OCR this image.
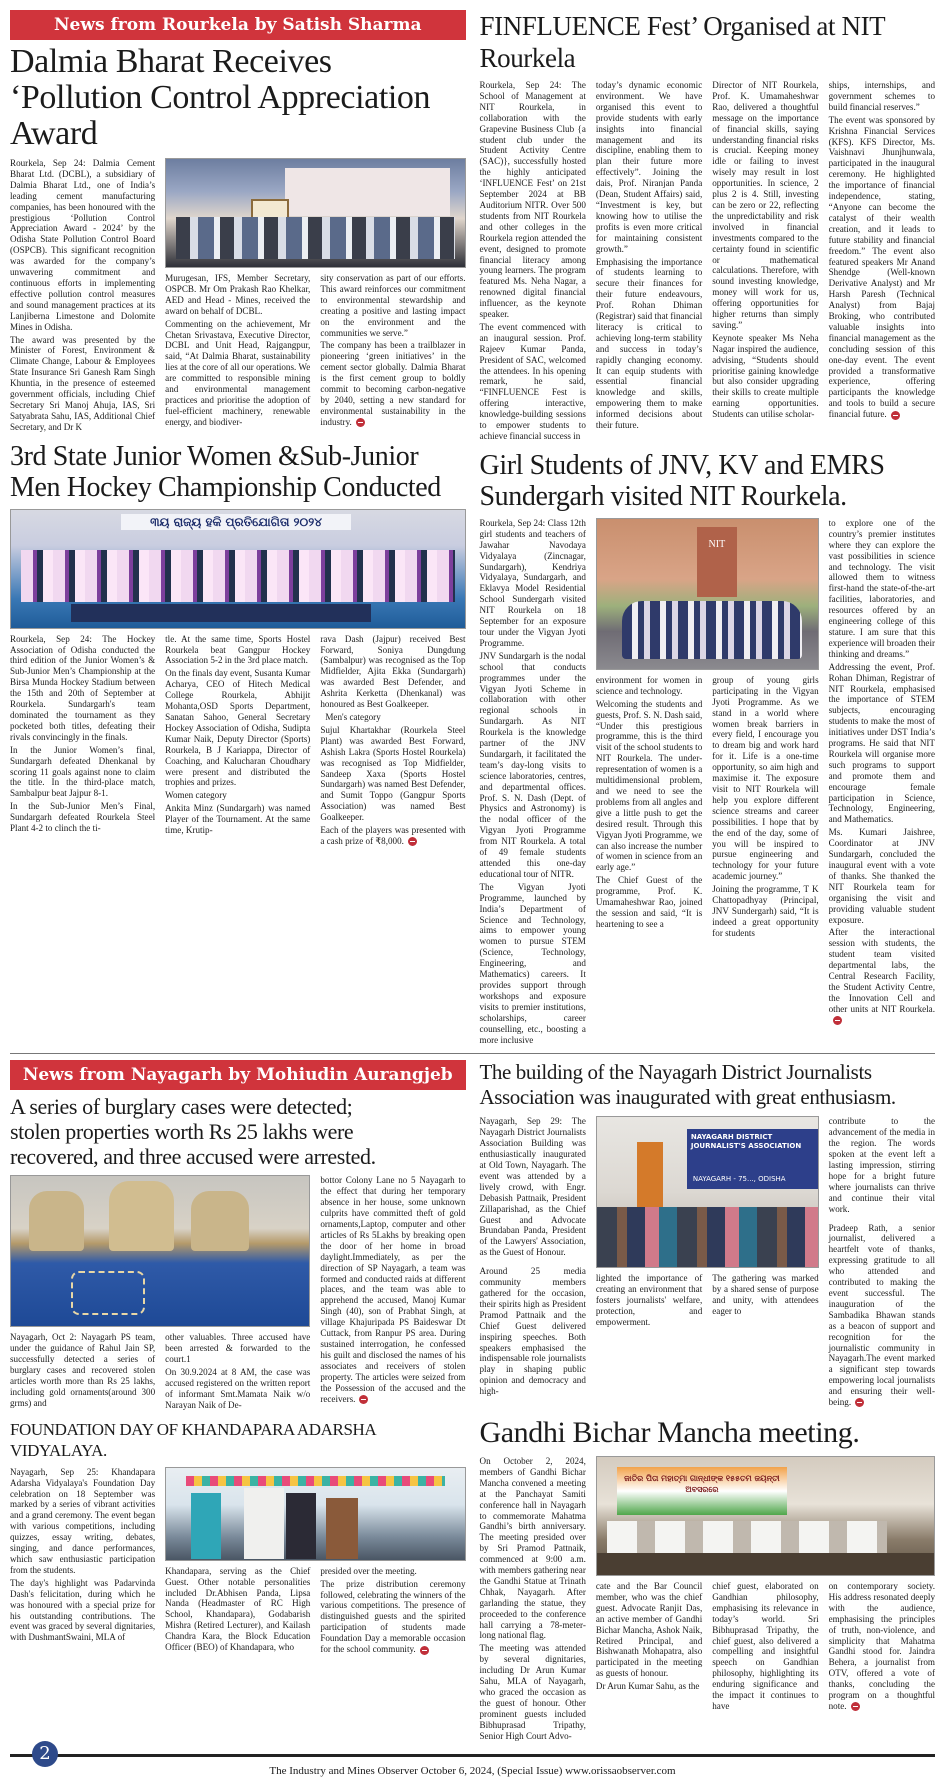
News from Rourkela by Satish Sharma
Dalmia Bharat Receives ‘Pollution Control Appreciation Award

Rourkela, Sep 24: Dalmia Cement Bharat Ltd. (DCBL), a subsidiary of Dalmia Bharat Ltd., one of India’s leading cement manufacturing companies, has been honoured with the prestigious ‘Pollution Control Appreciation Award - 2024’ by the Odisha State Pollution Control Board (OSPCB). This significant recognition was awarded for the company’s unwavering commitment and continuous efforts in implementing effective pollution control measures and sound management practices at its Lanjiberna Limestone and Dolomite Mines in Odisha.

The award was presented by the Minister of Forest, Environment & Climate Change, Labour & Employees State Insurance Sri Ganesh Ram Singh Khuntia, in the presence of esteemed government officials, including Chief Secretary Sri Manoj Ahuja, IAS, Sri Satyabrata Sahu, IAS, Additional Chief Secretary, and Dr K

Murugesan, IFS, Member Secretary, OSPCB. Mr Om Prakash Rao Khelkar, AED and Head - Mines, received the award on behalf of DCBL.

Commenting on the achievement, Mr Chetan Srivastava, Executive Director, DCBL and Unit Head, Rajgangpur, said, “At Dalmia Bharat, sustainability lies at the core of all our operations. We are committed to responsible mining and environmental management practices and prioritise the adoption of fuel-efficient machinery, renewable energy, and biodiver-

sity conservation as part of our efforts. This award reinforces our commitment to environmental stewardship and creating a positive and lasting impact on the environment and the communities we serve.”

The company has been a trailblazer in pioneering ‘green initiatives’ in the cement sector globally. Dalmia Bharat is the first cement group to boldly commit to becoming carbon-negative by 2040, setting a new standard for environmental sustainability in the industry.

3rd State Junior Women &Sub-Junior
Men Hockey Championship Conducted
୩ୟ ରାଜ୍ୟ ହକି ପ୍ରତିଯୋଗିତା ୨୦୨୪

Rourkela, Sep 24: The Hockey Association of Odisha conducted the third edition of the Junior Women’s & Sub-Junior Men’s Championship at the Birsa Munda Hockey Stadium between the 15th and 20th of September at Rourkela. Sundargarh's team dominated the tournament as they pocketed both titles, defeating their rivals convincingly in the finals.

In the Junior Women’s final, Sundargarh defeated Dhenkanal by scoring 11 goals against none to claim the title. In the third-place match, Sambalpur beat Jajpur 8-1.

In the Sub-Junior Men’s Final, Sundargarh defeated Rourkela Steel Plant 4-2 to clinch the ti-

tle. At the same time, Sports Hostel Rourkela beat Gangpur Hockey Association 5-2 in the 3rd place match.

On the finals day event, Susanta Kumar Acharya, CEO of Hitech Medical College Rourkela, Abhijit Mohanta,OSD Sports Department, Sanatan Sahoo, General Secretary Hockey Association of Odisha, Sudipta Kumar Naik, Deputy Director (Sports) Rourkela, B J Kariappa, Director of Coaching, and Kalucharan Choudhary were present and distributed the trophies and prizes.

Women category

Ankita Minz (Sundargarh) was named Player of the Tournament. At the same time, Krutip-

rava Dash (Jajpur) received Best Forward, Soniya Dungdung (Sambalpur) was recognised as the Top Midfielder, Ajita Ekka (Sundargarh) was awarded Best Defender, and Ashrita Kerketta (Dhenkanal) was honoured as Best Goalkeeper.

Men's category

Sujul Khartakhar (Rourkela Steel Plant) was awarded Best Forward, Ashish Lakra (Sports Hostel Rourkela) was recognised as Top Midfielder, Sandeep Xaxa (Sports Hostel Sundargarh) was named Best Defender, and Sumit Toppo (Gangpur Sports Association) was named Best Goalkeeper.

Each of the players was presented with a cash prize of ₹8,000.

FINFLUENCE Fest’ Organised at NIT Rourkela

Rourkela, Sep 24: The School of Management at NIT Rourkela, in collaboration with the Grapevine Business Club {a student club under the Student Activity Centre (SAC)}, successfully hosted the highly anticipated ‘INFLUENCE Fest’ on 21st September 2024 at BB Auditorium NITR. Over 500 students from NIT Rourkela and other colleges in the Rourkela region attended the event, designed to promote financial literacy among young learners. The program featured Ms. Neha Nagar, a renowned digital financial influencer, as the keynote speaker.

The event commenced with an inaugural session. Prof. Rajeev Kumar Panda, President of SAC, welcomed the attendees. In his opening remark, he said, “FINFLUENCE Fest is offering interactive, knowledge-building sessions to empower students to achieve financial success in

today’s dynamic economic environment. We have organised this event to provide students with early insights into financial management and its discipline, enabling them to plan their future more effectively”. Joining the dais, Prof. Niranjan Panda (Dean, Student Affairs) said, “Investment is key, but knowing how to utilise the profits is even more critical for maintaining consistent growth.”

Emphasising the importance of students learning to secure their finances for their future endeavours, Prof. Rohan Dhiman (Registrar) said that financial literacy is critical to achieving long-term stability and success in today’s rapidly changing economy. It can equip students with essential financial knowledge and skills, empowering them to make informed decisions about their future.

Director of NIT Rourkela, Prof. K. Umamaheshwar Rao, delivered a thoughtful message on the importance of financial skills, saying understanding financial risks is crucial. Keeping money idle or failing to invest wisely may result in lost opportunities. In science, 2 plus 2 is 4. Still, investing can be zero or 22, reflecting the unpredictability and risk involved in financial investments compared to the certainty found in scientific or mathematical calculations. Therefore, with sound investing knowledge, money will work for us, offering opportunities for higher returns than simply saving.”

Keynote speaker Ms Neha Nagar inspired the audience, advising, “Students should prioritise gaining knowledge but also consider upgrading their skills to create multiple earning opportunities. Students can utilise scholar-

ships, internships, and government schemes to build financial reserves.”

The event was sponsored by Krishna Financial Services (KFS). KFS Director, Ms. Vaishnavi Jhunjhunwala, participated in the inaugural ceremony. He highlighted the importance of financial independence, stating, “Anyone can become the catalyst of their wealth creation, and it leads to future stability and financial freedom.” The event also featured speakers Mr Anand Shendge (Well-known Derivative Analyst) and Mr Harsh Paresh (Technical Analyst) from Bajaj Broking, who contributed valuable insights into financial management as the concluding session of this one-day event. The event provided a transformative experience, offering participants the knowledge and tools to build a secure financial future.

Girl Students of JNV, KV and EMRS
Sundergarh visited NIT Rourkela.

Rourkela, Sep 24: Class 12th girl students and teachers of Jawahar Navodaya Vidyalaya (Zincnagar, Sundargarh), Kendriya Vidyalaya, Sundargarh, and Eklavya Model Residential School Sundergarh visited NIT Rourkela on 18 September for an exposure tour under the Vigyan Jyoti Programme.

JNV Sundargarh is the nodal school that conducts programmes under the Vigyan Jyoti Scheme in collaboration with other regional schools in Sundargarh. As NIT Rourkela is the knowledge partner of the JNV Sundargarh, it facilitated the team’s day-long visits to science laboratories, centres, and departmental offices. Prof. S. N. Dash (Dept. of Physics and Astronomy) is the nodal officer of the Vigyan Jyoti Programme from NIT Rourkela. A total of 49 female students attended this one-day educational tour of NITR.

The Vigyan Jyoti Programme, launched by India’s Department of Science and Technology, aims to empower young women to pursue STEM (Science, Technology, Engineering, and Mathematics) careers. It provides support through workshops and exposure visits to premier institutions, scholarships, career counselling, etc., boosting a more inclusive

NIT

environment for women in science and technology.

Welcoming the students and guests, Prof. S. N. Dash said, “Under this prestigious programme, this is the third visit of the school students to NIT Rourkela. The under-representation of women is a multidimensional problem, and we need to see the problems from all angles and give a little push to get the desired result. Through this Vigyan Jyoti Programme, we can also increase the number of women in science from an early age.”

The Chief Guest of the programme, Prof. K. Umamaheshwar Rao, joined the session and said, “It is heartening to see a

group of young girls participating in the Vigyan Jyoti Programme. As we stand in a world where women break barriers in every field, I encourage you to dream big and work hard for it. Life is a one-time opportunity, so aim high and maximise it. The exposure visit to NIT Rourkela will help you explore different science streams and career possibilities. I hope that by the end of the day, some of you will be inspired to pursue engineering and technology for your future academic journey.”

Joining the programme, T K Chattopadhyay (Principal, JNV Sundergarh) said, “It is indeed a great opportunity for students

to explore one of the country’s premier institutes where they can explore the vast possibilities in science and technology. The visit allowed them to witness first-hand the state-of-the-art facilities, laboratories, and resources offered by an engineering college of this stature. I am sure that this experience will broaden their thinking and dreams.”

Addressing the event, Prof. Rohan Dhiman, Registrar of NIT Rourkela, emphasised the importance of STEM subjects, encouraging students to make the most of initiatives under DST India’s programs. He said that NIT Rourkela will organise more such programs to support and promote them and encourage female participation in Science, Technology, Engineering, and Mathematics.

Ms. Kumari Jaishree, Coordinator at JNV Sundargarh, concluded the inaugural event with a vote of thanks. She thanked the NIT Rourkela team for organising the visit and providing valuable student exposure.

After the interactional session with students, the student team visited departmental labs, the Central Research Facility, the Student Activity Centre, the Innovation Cell and other units at NIT Rourkela.

News from Nayagarh by Mohiudin Aurangjeb
A series of burglary cases were detected;
stolen properties worth Rs 25 lakhs were
recovered, and three accused were arrested.

Nayagarh, Oct 2: Nayagarh PS team, under the guidance of Rahul Jain SP, successfully detected a series of burglary cases and recovered stolen articles worth more than Rs 25 lakhs, including gold ornaments(around 300 grms) and

other valuables. Three accused have been arrested & forwarded to the court.1

On 30.9.2024 at 8 AM, the case was accused registered on the written report of informant Smt.Mamata Naik w/o Narayan Naik of De-

bottor Colony Lane no 5 Nayagarh to the effect that during her temporary absence in her house, some unknown culprits have committed theft of gold ornaments,Laptop, computer and other articles of Rs 5Lakhs by breaking open the door of her home in broad daylight.Immediately, as per the direction of SP Nayagarh, a team was formed and conducted raids at different places, and the team was able to apprehend the accused, Manoj Kumar Singh (40), son of Prabhat Singh, at village Khajuripada PS Baideswar Dt Cuttack, from Ranpur PS area. During sustained interrogation, he confessed his guilt and disclosed the names of his associates and receivers of stolen property. The articles were seized from the Possession of the accused and the receivers.

FOUNDATION DAY OF KHANDAPARA ADARSHA VIDYALAYA.

Nayagarh, Sep 25: Khandapara Adarsha Vidyalaya's Foundation Day celebration on 18 September was marked by a series of vibrant activities and a grand ceremony. The event began with various competitions, including quizzes, essay writing, debates, singing, and dance performances, which saw enthusiastic participation from the students.

The day's highlight was Padarvinda Dash's felicitation, during which he was honoured with a special prize for his outstanding contributions. The event was graced by several dignitaries, with DushmantSwaini, MLA of

Khandapara, serving as the Chief Guest. Other notable personalities included Dr.Abhisen Panda, Lipsa Nanda (Headmaster of RC High School, Khandapara), Godabarish Mishra (Retired Lecturer), and Kailash Chandra Kara, the Block Education Officer (BEO) of Khandapara, who

presided over the meeting.

The prize distribution ceremony followed, celebrating the winners of the various competitions. The presence of distinguished guests and the spirited participation of students made Foundation Day a memorable occasion for the school community.

The building of the Nayagarh District Journalists
Association was inaugurated with great enthusiasm.

Nayagarh, Sep 29: The Nayagarh District Journalists Association Building was enthusiastically inaugurated at Old Town, Nayagarh. The event was attended by a lively crowd, with Engr. Debasish Pattnaik, President Zillaparishad, as the Chief Guest and Advocate Brundaban Panda, President of the Lawyers' Association, as the Guest of Honour.

Around 25 media community members gathered for the occasion, their spirits high as President Pramod Pattnaik and the Chief Guest delivered inspiring speeches. Both speakers emphasised the indispensable role journalists play in shaping public opinion and democracy and high-

NAYAGARH DISTRICT JOURNALIST'S ASSOCIATION
NAYAGARH - 75..., ODISHA

lighted the importance of creating an environment that fosters journalists' welfare, protection, and empowerment.

The gathering was marked by a shared sense of purpose and unity, with attendees eager to

contribute to the advancement of the media in the region. The words spoken at the event left a lasting impression, stirring hope for a bright future where journalists can thrive and continue their vital work.

Pradeep Rath, a senior journalist, delivered a heartfelt vote of thanks, expressing gratitude to all who attended and contributed to making the event successful. The inauguration of the Sambadika Bhawan stands as a beacon of support and recognition for the journalistic community in Nayagarh.The event marked a significant step towards empowering local journalists and ensuring their well-being.

Gandhi Bichar Mancha meeting.

On October 2, 2024, members of Gandhi Bichar Mancha convened a meeting at the Panchayat Samiti conference hall in Nayagarh to commemorate Mahatma Gandhi’s birth anniversary. The meeting presided over by Sri Pramod Pattnaik, commenced at 9:00 a.m. with members gathering near the Gandhi Statue at Trinath Chhak, Nayagarh. After garlanding the statue, they proceeded to the conference hall carrying a 78-meter-long national flag.

The meeting was attended by several dignitaries, including Dr Arun Kumar Sahu, MLA of Nayagarh, who graced the occasion as the guest of honour. Other prominent guests included Bibhuprasad Tripathy, Senior High Court Advo-

ଜାତିର ପିତା ମହାତ୍ମା ଗାନ୍ଧୀଙ୍କ ୧୫୫ତମ ଜୟନ୍ତୀ ଅବସରରେ

cate and the Bar Council member, who was the chief guest. Advocate Ranjit Das, an active member of Gandhi Bichar Mancha, Ashok Naik, Retired Principal, and Bishwanath Mohapatra, also participated in the meeting as guests of honour.

Dr Arun Kumar Sahu, as the

chief guest, elaborated on Gandhian philosophy, emphasising its relevance in today’s world. Sri Bibhuprasad Tripathy, the chief guest, also delivered a compelling and insightful speech on Gandhian philosophy, highlighting its enduring significance and the impact it continues to have

on contemporary society. His address resonated deeply with the audience, emphasising the principles of truth, non-violence, and simplicity that Mahatma Gandhi stood for. Jaindra Behera, a journalist from OTV, offered a vote of thanks, concluding the program on a thoughtful note.

2
The Industry and Mines Observer October 6, 2024, (Special Issue) www.orissaobserver.com
